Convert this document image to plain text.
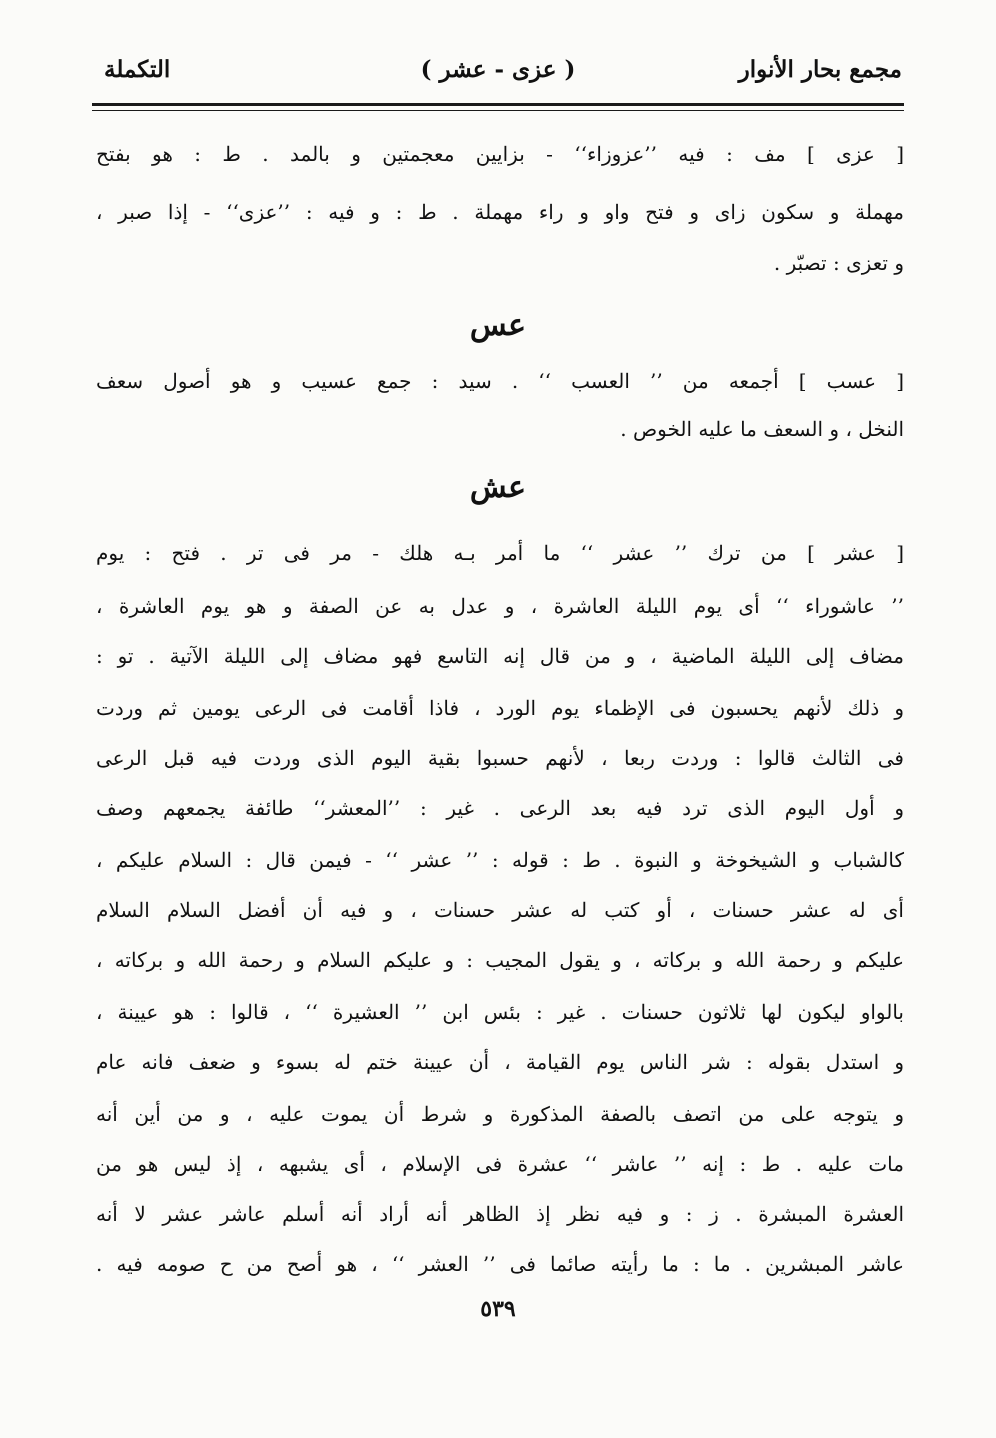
مجمع بحار الأنوار
( عزى - عشر )
التكملة
[ عزى ] مف : فيه ’’عزوزاء‘‘ - بزايين معجمتين و بالمد . ط : هو بفتح
مهملة و سكون زاى و فتح واو و راء مهملة . ط : و فيه : ’’عزى‘‘ - إذا صبر ،
و تعزى : تصبّر .
عس
[ عسب ] أجمعه من ’’ العسب ‘‘ . سيد : جمع عسيب و هو أصول سعف
النخل ، و السعف ما عليه الخوص .
عش
[ عشر ] من ترك ’’ عشر ‘‘ ما أمر بـه هلك - مر فى تر . فتح : يوم
’’ عاشوراء ‘‘ أى يوم الليلة العاشرة ، و عدل به عن الصفة و هو يوم العاشرة ،
مضاف إلى الليلة الماضية ، و من قال إنه التاسع فهو مضاف إلى الليلة الآتية . تو :
و ذلك لأنهم يحسبون فى الإظماء يوم الورد ، فاذا أقامت فى الرعى يومين ثم وردت
فى الثالث قالوا : وردت ربعا ، لأنهم حسبوا بقية اليوم الذى وردت فيه قبل الرعى
و أول اليوم الذى ترد فيه بعد الرعى . غير : ’’المعشر‘‘ طائفة يجمعهم وصف
كالشباب و الشيخوخة و النبوة . ط : قوله : ’’ عشر ‘‘ - فيمن قال : السلام عليكم ،
أى له عشر حسنات ، أو كتب له عشر حسنات ، و فيه أن أفضل السلام السلام
عليكم و رحمة الله و بركاته ، و يقول المجيب : و عليكم السلام و رحمة الله و بركاته ،
بالواو ليكون لها ثلاثون حسنات . غير : بئس ابن ’’ العشيرة ‘‘ ، قالوا : هو عيينة ،
و استدل بقوله : شر الناس يوم القيامة ، أن عيينة ختم له بسوء و ضعف فانه عام
و يتوجه على من اتصف بالصفة المذكورة و شرط أن يموت عليه ، و من أين أنه
مات عليه . ط : إنه ’’ عاشر ‘‘ عشرة فى الإسلام ، أى يشبهه ، إذ ليس هو من
العشرة المبشرة . ز : و فيه نظر إذ الظاهر أنه أراد أنه أسلم عاشر عشر لا أنه
عاشر المبشرين . ما : ما رأيته صائما فى ’’ العشر ‘‘ ، هو أصح من ح صومه فيه .
٥٣٩
